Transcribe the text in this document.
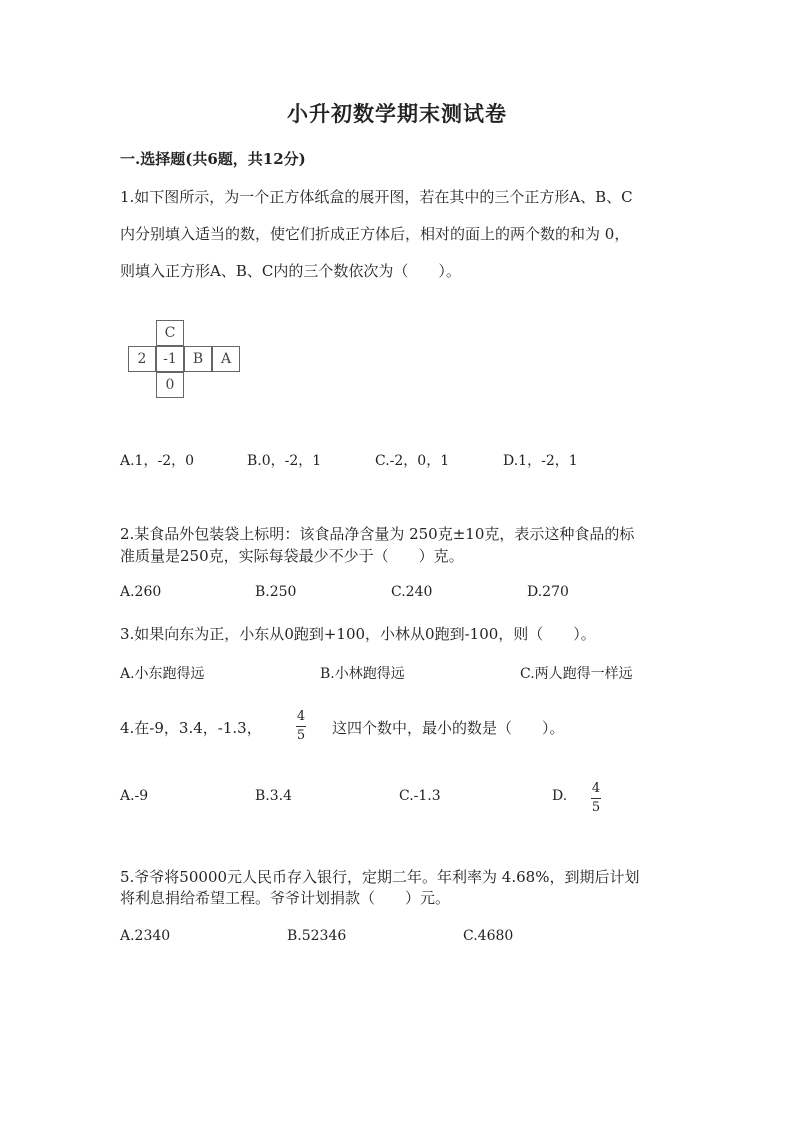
小升初数学期末测试卷
一.选择题(共6题，共12分)
1.如下图所示，为一个正方体纸盒的展开图，若在其中的三个正方形A、B、C
内分别填入适当的数，使它们折成正方体后，相对的面上的两个数的和为 0，
则填入正方形A、B、C内的三个数依次为（　　）。
C
2	-1	B	A
0
A.1，-2，0	B.0，-2，1	C.-2，0，1	D.1，-2，1
2.某食品外包装袋上标明：该食品净含量为 250克±10克，表示这种食品的标
准质量是250克，实际每袋最少不少于（　　）克。
A.260	B.250	C.240	D.270
3.如果向东为正，小东从0跑到+100，小林从0跑到-100，则（　　）。
A.小东跑得远	B.小林跑得远	C.两人跑得一样远
4.在-9，3.4，-1.3，
4
5 这四个数中，最小的数是（　　）。
A.-9	B.3.4	C.-1.3	D. 4
5
5.爷爷将50000元人民币存入银行，定期二年。年利率为 4.68%，到期后计划
将利息捐给希望工程。爷爷计划捐款（　　）元。
A.2340	B.52346	C.4680
